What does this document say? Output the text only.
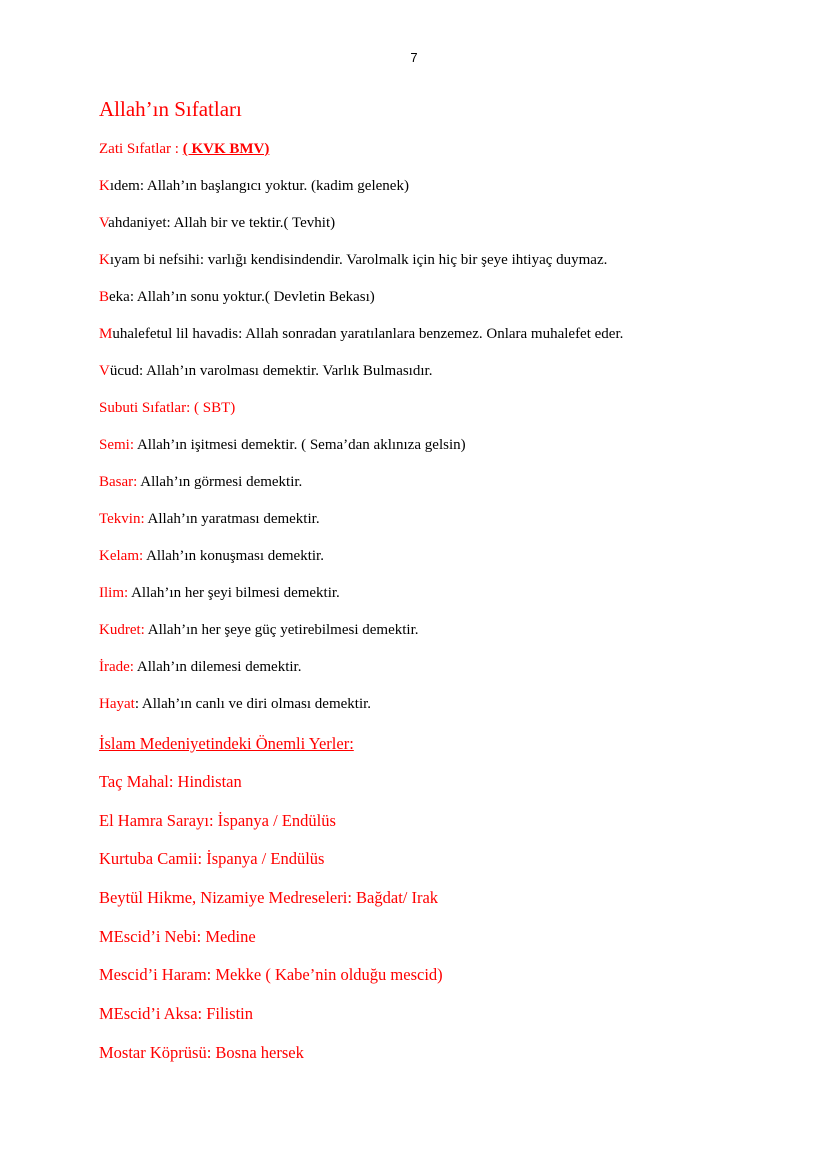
7
Allah’ın Sıfatları
Zati Sıfatlar : ( KVK BMV)
Kıdem: Allah’ın başlangıcı yoktur. (kadim gelenek)
Vahdaniyet: Allah bir ve tektir.( Tevhit)
Kıyam bi nefsihi: varlığı kendisindendir. Varolmalk için hiç bir şeye ihtiyaç duymaz.
Beka: Allah’ın sonu yoktur.( Devletin Bekası)
Muhalefetul lil havadis: Allah sonradan yaratılanlara benzemez. Onlara muhalefet eder.
Vücud: Allah’ın varolması demektir. Varlık Bulmasıdır.
Subuti Sıfatlar: ( SBT)
Semi: Allah’ın işitmesi demektir. ( Sema’dan aklınıza gelsin)
Basar: Allah’ın görmesi demektir.
Tekvin: Allah’ın yaratması demektir.
Kelam: Allah’ın konuşması demektir.
Ilim: Allah’ın her şeyi bilmesi demektir.
Kudret: Allah’ın her şeye güç yetirebilmesi demektir.
İrade: Allah’ın dilemesi demektir.
Hayat: Allah’ın canlı ve diri olması demektir.
İslam Medeniyetindeki Önemli Yerler:
Taç Mahal: Hindistan
El Hamra Sarayı: İspanya / Endülüs
Kurtuba Camii: İspanya / Endülüs
Beytül Hikme, Nizamiye Medreseleri: Bağdat/ Irak
MEscid’i Nebi: Medine
Mescid’i Haram: Mekke ( Kabe’nin olduğu mescid)
MEscid’i Aksa: Filistin
Mostar Köprüsü: Bosna hersek
